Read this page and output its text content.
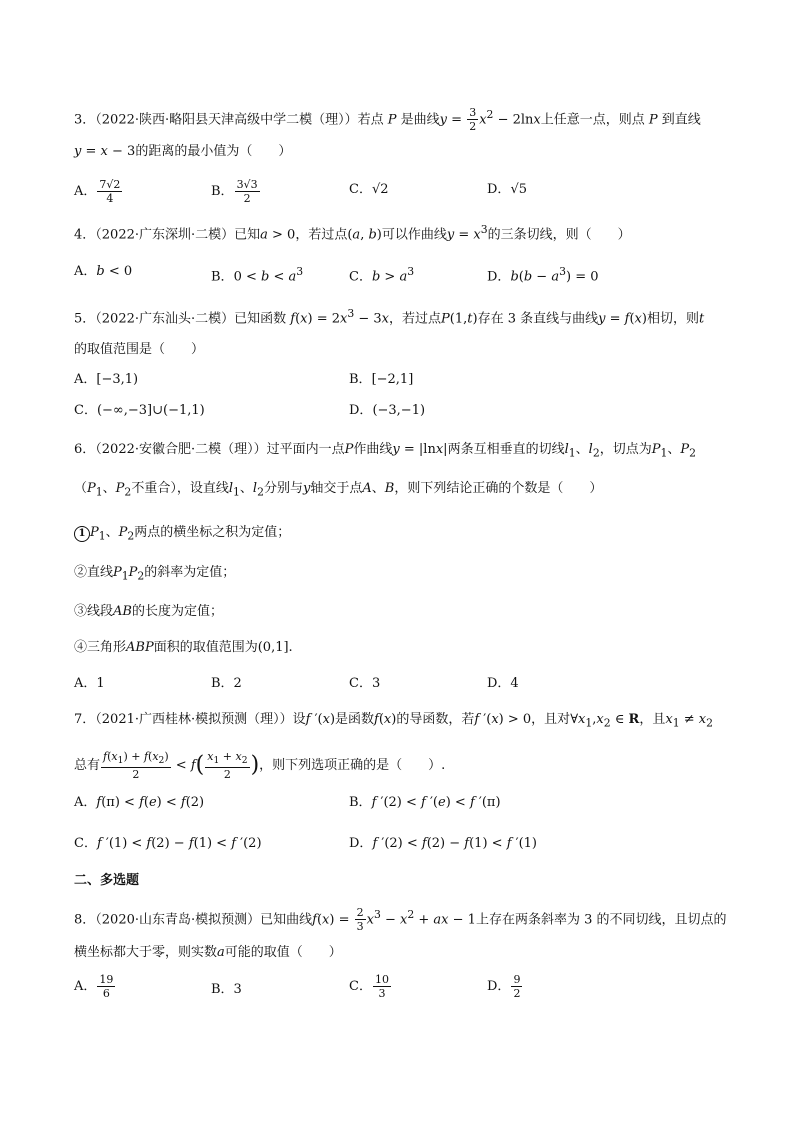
3．（2022·陕西·略阳县天津高级中学二模（理））若点 P 是曲线$y = \frac{3}{2} x^2 - 2\ln x$上任意一点，则点 P 到直线
y = x − 3的距离的最小值为（　　）
A． $\frac{7√2}{4}$	B． $\frac{3√3}{2}$	C．√2	D．√5
4．（2022·广东深圳·二模）已知a > 0，若过点(a, b)可以作曲线$y = x^3$的三条切线，则（　　）
A．b < 0	B．$0 < b < a^3$	C．$b > a^3$	D．$b(b - a^3) = 0$
5．（2022·广东汕头·二模）已知函数 $f(x) = 2x^3 - 3x$，若过点P(1,t)存在 3 条直线与曲线y = f(x)相切，则t
的取值范围是（　　）
A．[−3,1)	B．[−2,1]
C．(−∞,−3]∪(−1,1)	D．(−3,−1)
6．（2022·安徽合肥·二模（理））过平面内一点P作曲线y = |lnx|两条互相垂直的切线$l_1$、$l_2$，切点为$P_1$、$P_2$
（$P_1$、$P_2$不重合），设直线$l_1$、$l_2$分别与y轴交于点A、B，则下列结论正确的个数是（　　）
1 $P_1$、$P_2$两点的横坐标之积为定值；
②直线$P_1P_2$的斜率为定值；
③线段AB的长度为定值；
④三角形ABP面积的取值范围为(0,1].
A．1	B．2	C．3	D．4
7．（2021·广西桂林·模拟预测（理））设f ′(x)是函数f(x)的导函数，若f ′(x) > 0，且对$\forall x_1,x_2$ ∈ R，且$x_1 \ne x_2$
总有 $\frac{f(x_1) + f(x_2)}{2} < f( \frac{x_1 + x_2}{2}$ )，则下列选项正确的是（　　）.
A．f(π) < f(e) < f(2)	B．f ′(2) < f ′(e) < f ′(π)
C．f ′(1) < f(2) − f(1) < f ′(2)	D．f ′(2) < f(2) − f(1) < f ′(1)
二、多选题
8．（2020·山东青岛·模拟预测）已知曲线$f(x) = \frac{2}{3} x^3 - x^2$ + ax − 1上存在两条斜率为 3 的不同切线，且切点的
横坐标都大于零，则实数a可能的取值（　　）
A． $\frac{19}{6}$	B．3	C． $\frac{10}{3}$	D． $\frac{9}{2}$
